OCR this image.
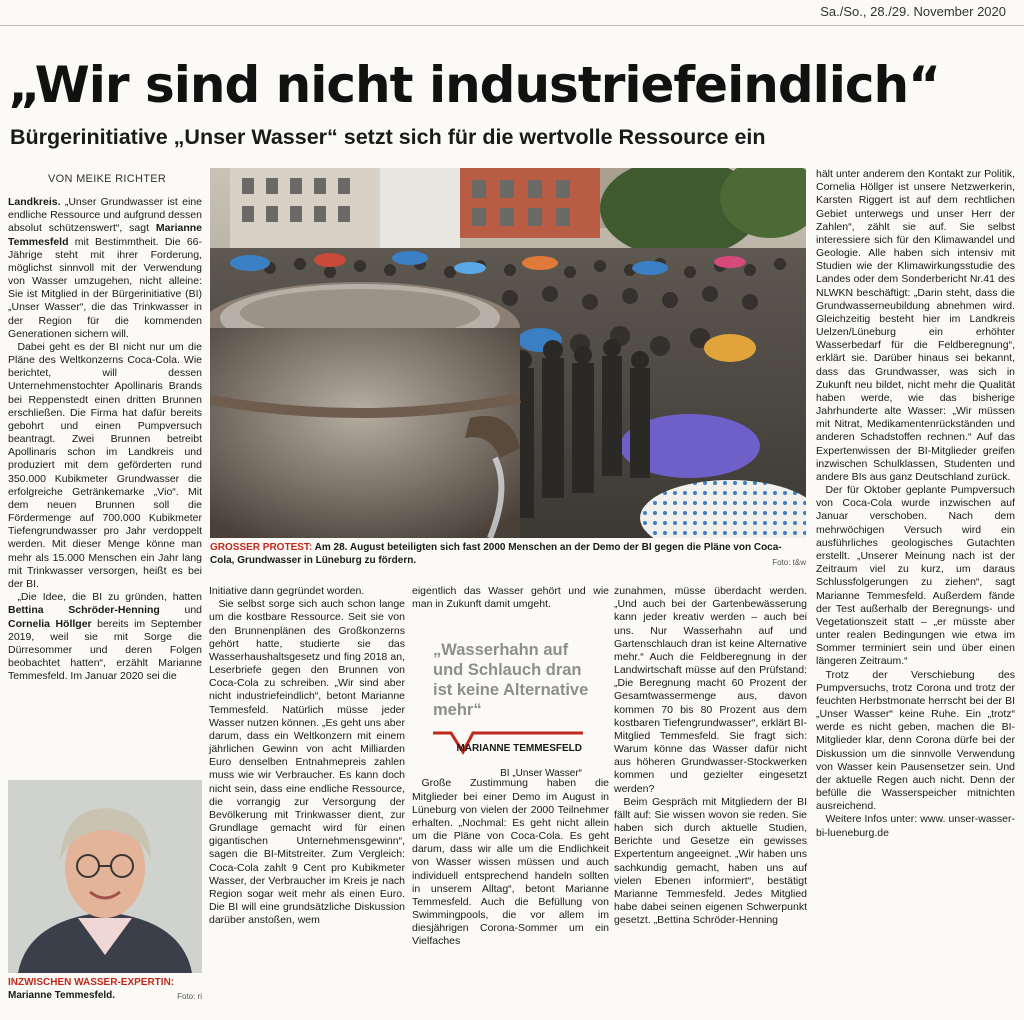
Sa./So., 28./29. November 2020
„Wir sind nicht industriefeindlich“
Bürgerinitiative „Unser Wasser“ setzt sich für die wertvolle Ressource ein
VON MEIKE RICHTER

Landkreis. „Unser Grundwasser ist eine endliche Ressource und aufgrund dessen absolut schützenswert“, sagt Marianne Temmesfeld mit Bestimmtheit. Die 66-Jährige steht mit ihrer Forderung, möglichst sinnvoll mit der Verwendung von Wasser umzugehen, nicht alleine: Sie ist Mitglied in der Bürgerinitiative (BI) „Unser Wasser“, die das Trinkwasser in der Region für die kommenden Generationen sichern will.

Dabei geht es der BI nicht nur um die Pläne des Weltkonzerns Coca-Cola. Wie berichtet, will dessen Unternehmenstochter Apollinaris Brands bei Reppenstedt einen dritten Brunnen erschließen. Die Firma hat dafür bereits gebohrt und einen Pumpversuch beantragt. Zwei Brunnen betreibt Apollinaris schon im Landkreis und produziert mit dem geförderten rund 350.000 Kubikmeter Grundwasser die erfolgreiche Getränkemarke „Vio“. Mit dem neuen Brunnen soll die Fördermenge auf 700.000 Kubikmeter Tiefengrundwasser pro Jahr verdoppelt werden. Mit dieser Menge könne man mehr als 15.000 Menschen ein Jahr lang mit Trinkwasser versorgen, heißt es bei der BI.

„Die Idee, die BI zu gründen, hatten Bettina Schröder-Henning und Cornelia Höllger bereits im September 2019, weil sie mit Sorge die Dürresommer und deren Folgen beobachtet hatten“, erzählt Marianne Temmesfeld. Im Januar 2020 sei die

GROSSER PROTEST: Am 28. August beteiligten sich fast 2000 Menschen an der Demo der BI gegen die Pläne von Coca-Cola, Grundwasser in Lüneburg zu fördern.	Foto: t&w
INZWISCHEN WASSER-EXPERTIN: Marianne Temmesfeld.	Foto: ri

Initiative dann gegründet worden.

Sie selbst sorge sich auch schon lange um die kostbare Ressource. Seit sie von den Brunnenplänen des Großkonzerns gehört hatte, studierte sie das Wasserhaushaltsgesetz und fing 2018 an, Leserbriefe gegen den Brunnen von Coca-Cola zu schreiben. „Wir sind aber nicht industriefeindlich“, betont Marianne Temmesfeld. Natürlich müsse jeder Wasser nutzen können. „Es geht uns aber darum, dass ein Weltkonzern mit einem jährlichen Gewinn von acht Milliarden Euro denselben Entnahmepreis zahlen muss wie wir Verbraucher. Es kann doch nicht sein, dass eine endliche Ressource, die vorrangig zur Versorgung der Bevölkerung mit Trinkwasser dient, zur Grundlage gemacht wird für einen gigantischen Unternehmensgewinn“, sagen die BI-Mitstreiter. Zum Vergleich: Coca-Cola zahlt 9 Cent pro Kubikmeter Wasser, der Verbraucher im Kreis je nach Region sogar weit mehr als einen Euro. Die BI will eine grundsätzliche Diskussion darüber anstoßen, wem

eigentlich das Wasser gehört und wie man in Zukunft damit umgeht.

Große Zustimmung haben die Mitglieder bei einer Demo im August in Lüneburg von vielen der 2000 Teilnehmer erhalten. „Nochmal: Es geht nicht allein um die Pläne von Coca-Cola. Es geht darum, dass wir alle um die Endlichkeit von Wasser wissen müssen und auch individuell entsprechend handeln sollten in unserem Alltag“, betont Marianne Temmesfeld. Auch die Befüllung von Swimmingpools, die vor allem im diesjährigen Corona-Sommer um ein Vielfaches

„Wasserhahn auf und Schlauch dran ist keine Alternative mehr“
MARIANNE TEMMESFELD
BI „Unser Wasser“

zunahmen, müsse überdacht werden. „Und auch bei der Gartenbewässerung kann jeder kreativ werden – auch bei uns. Nur Wasserhahn auf und Gartenschlauch dran ist keine Alternative mehr.“ Auch die Feldberegnung in der Landwirtschaft müsse auf den Prüfstand: „Die Beregnung macht 60 Prozent der Gesamtwassermenge aus, davon kommen 70 bis 80 Prozent aus dem kostbaren Tiefengrundwasser“, erklärt BI-Mitglied Temmesfeld. Sie fragt sich: Warum könne das Wasser dafür nicht aus höheren Grundwasser-Stockwerken kommen und gezielter eingesetzt werden?

Beim Gespräch mit Mitgliedern der BI fällt auf: Sie wissen wovon sie reden. Sie haben sich durch aktuelle Studien, Berichte und Gesetze ein gewisses Expertentum angeeignet. „Wir haben uns sachkundig gemacht, haben uns auf vielen Ebenen informiert“, bestätigt Marianne Temmesfeld. Jedes Mitglied habe dabei seinen eigenen Schwerpunkt gesetzt. „Bettina Schröder-Henning

hält unter anderem den Kontakt zur Politik, Cornelia Höllger ist unsere Netzwerkerin, Karsten Riggert ist auf dem rechtlichen Gebiet unterwegs und unser Herr der Zahlen“, zählt sie auf. Sie selbst interessiere sich für den Klimawandel und Geologie. Alle haben sich intensiv mit Studien wie der Klimawirkungsstudie des Landes oder dem Sonderbericht Nr.41 des NLWKN beschäftigt: „Darin steht, dass die Grundwasserneubildung abnehmen wird. Gleichzeitig besteht hier im Landkreis Uelzen/Lüneburg ein erhöhter Wasserbedarf für die Feldberegnung“, erklärt sie. Darüber hinaus sei bekannt, dass das Grundwasser, was sich in Zukunft neu bildet, nicht mehr die Qualität haben werde, wie das bisherige Jahrhunderte alte Wasser: „Wir müssen mit Nitrat, Medikamentenrückständen und anderen Schadstoffen rechnen.“ Auf das Expertenwissen der BI-Mitglieder greifen inzwischen Schulklassen, Studenten und andere BIs aus ganz Deutschland zurück.

Der für Oktober geplante Pumpversuch von Coca-Cola wurde inzwischen auf Januar verschoben. Nach dem mehrwöchigen Versuch wird ein ausführliches geologisches Gutachten erstellt. „Unserer Meinung nach ist der Zeitraum viel zu kurz, um daraus Schlussfolgerungen zu ziehen“, sagt Marianne Temmesfeld. Außerdem fände der Test außerhalb der Beregnungs- und Vegetationszeit statt – „er müsste aber unter realen Bedingungen wie etwa im Sommer terminiert sein und über einen längeren Zeitraum.“

Trotz der Verschiebung des Pumpversuchs, trotz Corona und trotz der feuchten Herbstmonate herrscht bei der BI „Unser Wasser“ keine Ruhe. Ein „trotz“ werde es nicht geben, machen die BI-Mitglieder klar, denn Corona dürfe bei der Diskussion um die sinnvolle Verwendung von Wasser kein Pausensetzer sein. Und der aktuelle Regen auch nicht. Denn der befülle die Wasserspeicher mitnichten ausreichend.

Weitere Infos unter: www. unser-wasser-bi-lueneburg.de
